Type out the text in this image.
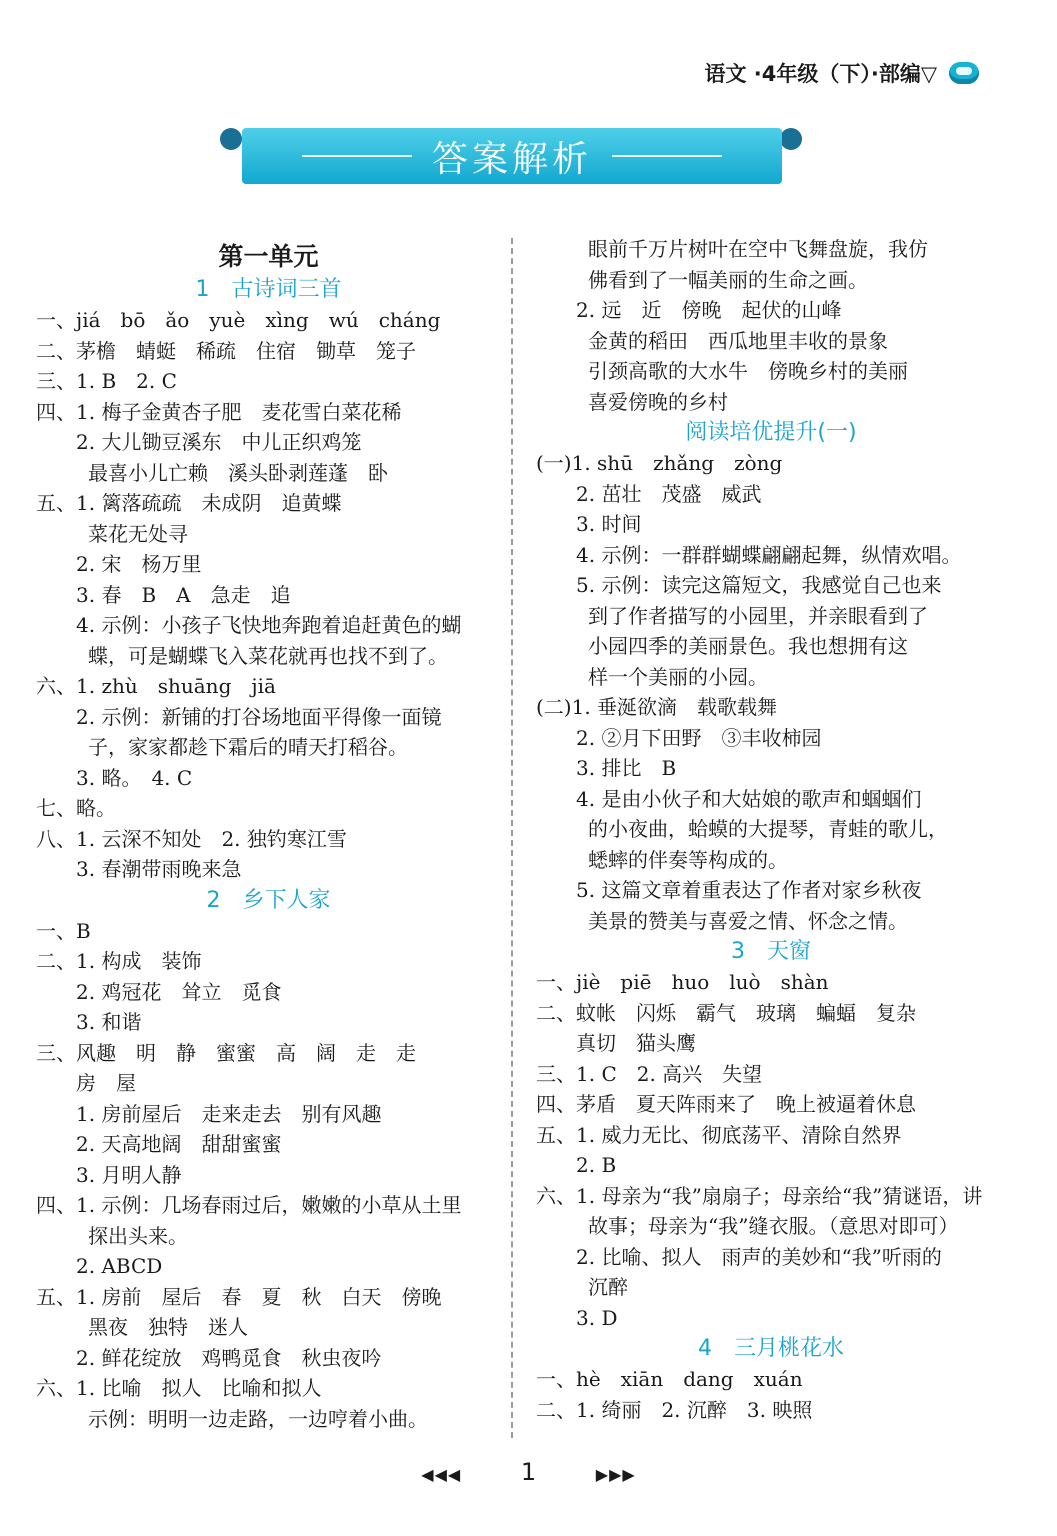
语文 ·4年级（下）·部编▽
答案解析
第一单元
1　古诗词三首
一、jiá　bō　ǎo　yuè　xìng　wú　cháng
二、茅檐　蜻蜓　稀疏　住宿　锄草　笼子
三、1. B　2. C
四、1. 梅子金黄杏子肥　麦花雪白菜花稀
2. 大儿锄豆溪东　中儿正织鸡笼
最喜小儿亡赖　溪头卧剥莲蓬　卧
五、1. 篱落疏疏　未成阴　追黄蝶
菜花无处寻
2. 宋　杨万里
3. 春　B　A　急走　追
4. 示例：小孩子飞快地奔跑着追赶黄色的蝴
蝶，可是蝴蝶飞入菜花就再也找不到了。
六、1. zhù　shuāng　jiā
2. 示例：新铺的打谷场地面平得像一面镜
子，家家都趁下霜后的晴天打稻谷。
3. 略。　4. C
七、略。
八、1. 云深不知处　2. 独钓寒江雪
3. 春潮带雨晚来急
2　乡下人家
一、B
二、1. 构成　装饰
2. 鸡冠花　耸立　觅食
3. 和谐
三、风趣　明　静　蜜蜜　高　阔　走　走
房　屋
1. 房前屋后　走来走去　别有风趣
2. 天高地阔　甜甜蜜蜜
3. 月明人静
四、1. 示例：几场春雨过后，嫩嫩的小草从土里
探出头来。
2. ABCD
五、1. 房前　屋后　春　夏　秋　白天　傍晚
黑夜　独特　迷人
2. 鲜花绽放　鸡鸭觅食　秋虫夜吟
六、1. 比喻　拟人　比喻和拟人
示例：明明一边走路，一边哼着小曲。
眼前千万片树叶在空中飞舞盘旋，我仿
佛看到了一幅美丽的生命之画。
2. 远　近　傍晚　起伏的山峰
金黄的稻田　西瓜地里丰收的景象
引颈高歌的大水牛　傍晚乡村的美丽
喜爱傍晚的乡村
阅读培优提升(一)
(一)1. shū　zhǎng　zòng
2. 茁壮　茂盛　威武
3. 时间
4. 示例：一群群蝴蝶翩翩起舞，纵情欢唱。
5. 示例：读完这篇短文，我感觉自己也来
到了作者描写的小园里，并亲眼看到了
小园四季的美丽景色。我也想拥有这
样一个美丽的小园。
(二)1. 垂涎欲滴　载歌载舞
2. ②月下田野　③丰收柿园
3. 排比　B
4. 是由小伙子和大姑娘的歌声和蝈蝈们
的小夜曲，蛤蟆的大提琴，青蛙的歌儿，
蟋蟀的伴奏等构成的。
5. 这篇文章着重表达了作者对家乡秋夜
美景的赞美与喜爱之情、怀念之情。
3　天窗
一、jiè　piē　huo　luò　shàn
二、蚊帐　闪烁　霸气　玻璃　蝙蝠　复杂
真切　猫头鹰
三、1. C　2. 高兴　失望
四、茅盾　夏天阵雨来了　晚上被逼着休息
五、1. 威力无比、彻底荡平、清除自然界
2. B
六、1. 母亲为“我”扇扇子；母亲给“我”猜谜语，讲
故事；母亲为“我”缝衣服。（意思对即可）
2. 比喻、拟人　雨声的美妙和“我”听雨的
沉醉
3. D
4　三月桃花水
一、hè　xiān　dang　xuán
二、1. 绮丽　2. 沉醉　3. 映照
◀◀◀ 1	▶▶▶
